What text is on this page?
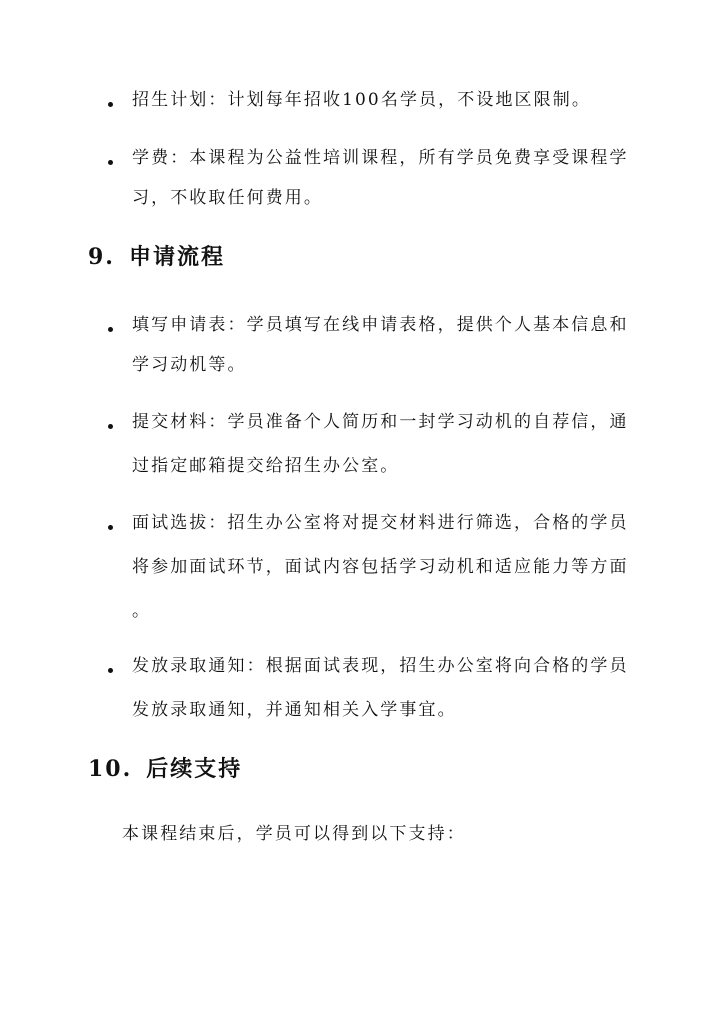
招生计划：计划每年招收100名学员，不设地区限制。
学费：本课程为公益性培训课程，所有学员免费享受课程学
习，不收取任何费用。
9. 申请流程
填写申请表：学员填写在线申请表格，提供个人基本信息和
学习动机等。
提交材料：学员准备个人简历和一封学习动机的自荐信，通
过指定邮箱提交给招生办公室。
面试选拔：招生办公室将对提交材料进行筛选，合格的学员
将参加面试环节，面试内容包括学习动机和适应能力等方面
。
发放录取通知：根据面试表现，招生办公室将向合格的学员
发放录取通知，并通知相关入学事宜。
10. 后续支持
本课程结束后，学员可以得到以下支持：
